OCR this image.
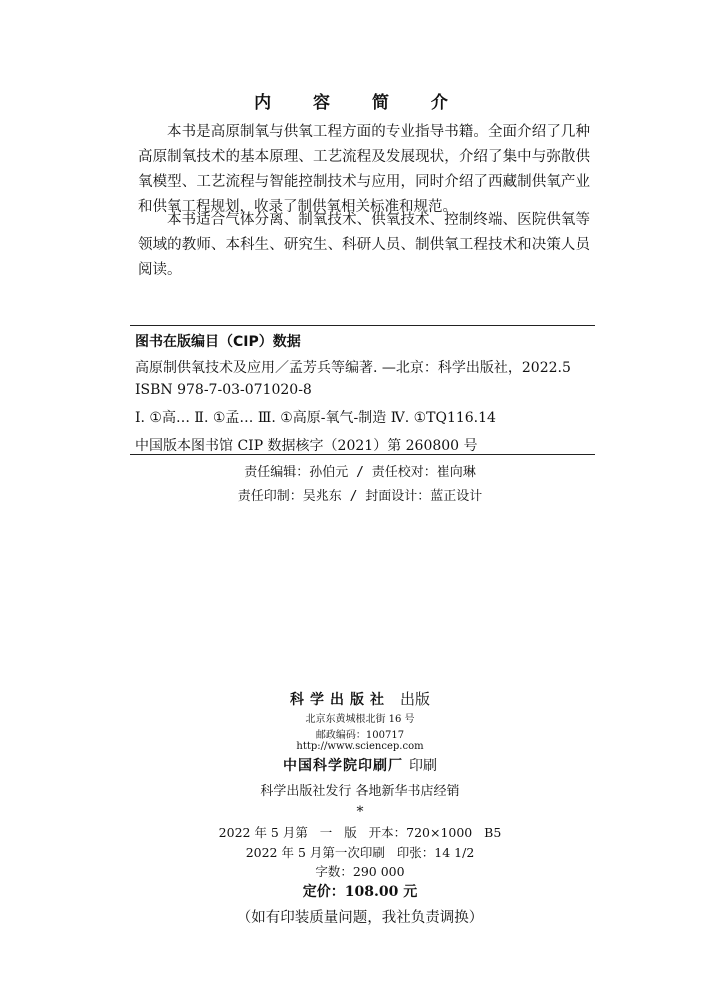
内 容 简 介

本书是高原制氧与供氧工程方面的专业指导书籍。全面介绍了几种高原制氧技术的基本原理、工艺流程及发展现状，介绍了集中与弥散供氧模型、工艺流程与智能控制技术与应用，同时介绍了西藏制供氧产业和供氧工程规划，收录了制供氧相关标准和规范。

本书适合气体分离、制氧技术、供氧技术、控制终端、医院供氧等领域的教师、本科生、研究生、科研人员、制供氧工程技术和决策人员阅读。

图书在版编目（CIP）数据
高原制供氧技术及应用／孟芳兵等编著. —北京：科学出版社，2022.5
ISBN 978-7-03-071020-8
Ⅰ. ①高… Ⅱ. ①孟… Ⅲ. ①高原-氧气-制造 Ⅳ. ①TQ116.14
中国版本图书馆 CIP 数据核字（2021）第 260800 号
责任编辑：孙伯元 / 责任校对：崔向琳
责任印制：吴兆东 / 封面设计：蓝正设计
科学出版社 出版
北京东黄城根北街 16 号
邮政编码：100717
http://www.sciencep.com
中国科学院印刷厂 印刷
科学出版社发行 各地新华书店经销
*
2022 年 5 月第   一   版   开本：720×1000   B5
2022 年 5 月第一次印刷   印张：14 1/2
字数：290 000
定价：108.00 元
（如有印装质量问题，我社负责调换）
